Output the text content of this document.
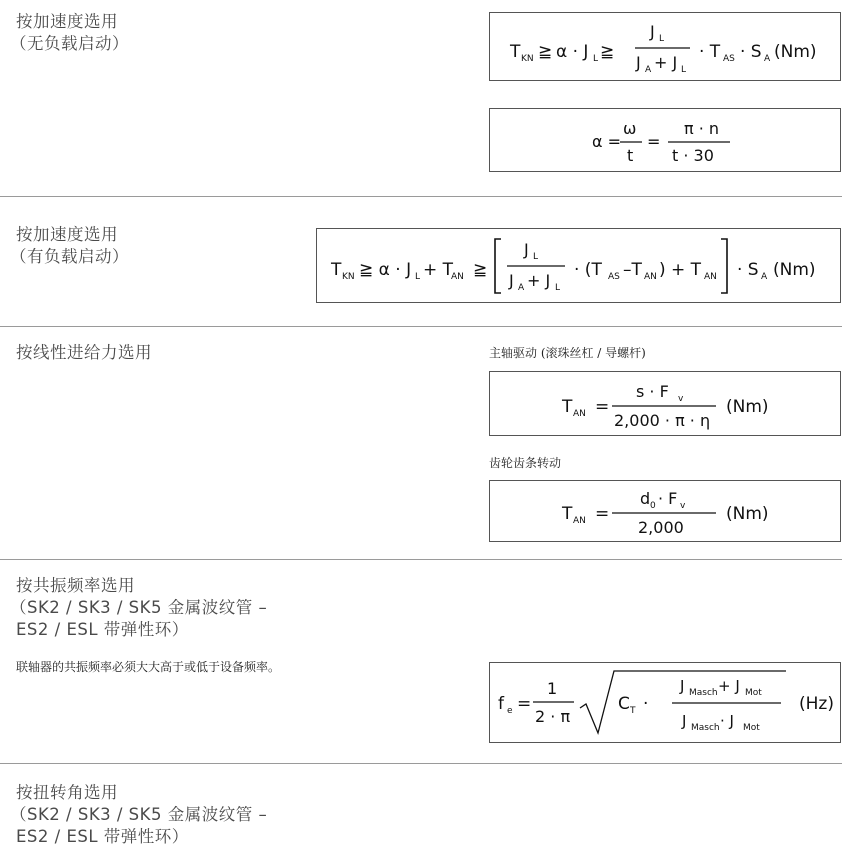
按加速度选用
（无负载启动）	T KN ≧ α · J L ≧
J L
J A + J L
· T AS · S A (Nm)
α =
ω
t
=
π · n
t · 30
按加速度选用
（有负载启动）
T KN ≧ α · J L + T
AN ≧
J L
J A + J L
· (T AS –T AN ) + T AN · S A (Nm)
按线性进给力选用	主轴驱动 (滚珠丝杠 / 导螺杆)
T AN =
s · F v
2,000 · π · η
(Nm)
齿轮齿条转动
T AN =
d 0 · F v
2,000
(Nm)
按共振频率选用
（SK2 / SK3 / SK5 金属波纹管 –
ES2 / ESL 带弹性环）
联轴器的共振频率必须大大高于或低于设备频率。
f e =
1
2 · π
C T ·
J Masch + J Mot
J Masch · J Mot
(Hz)
按扭转角选用
（SK2 / SK3 / SK5 金属波纹管 –
ES2 / ESL 带弹性环）
